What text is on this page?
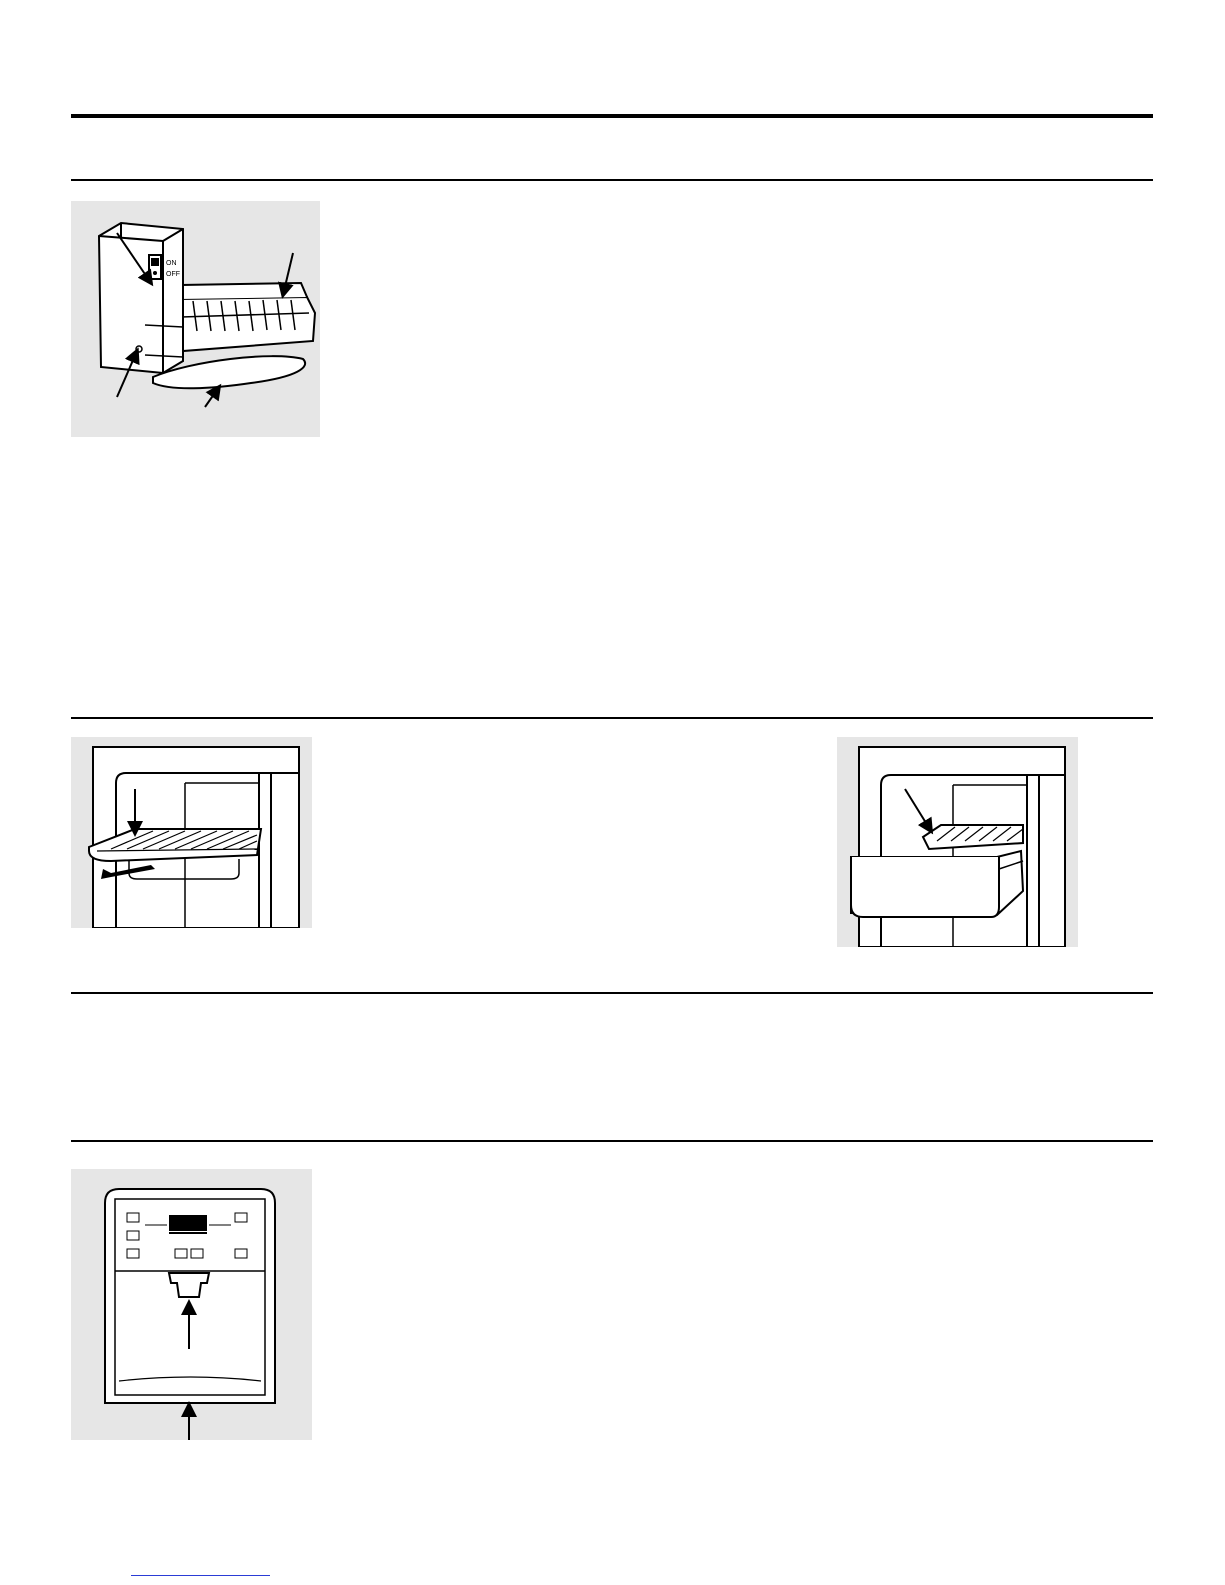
ON
OFF
